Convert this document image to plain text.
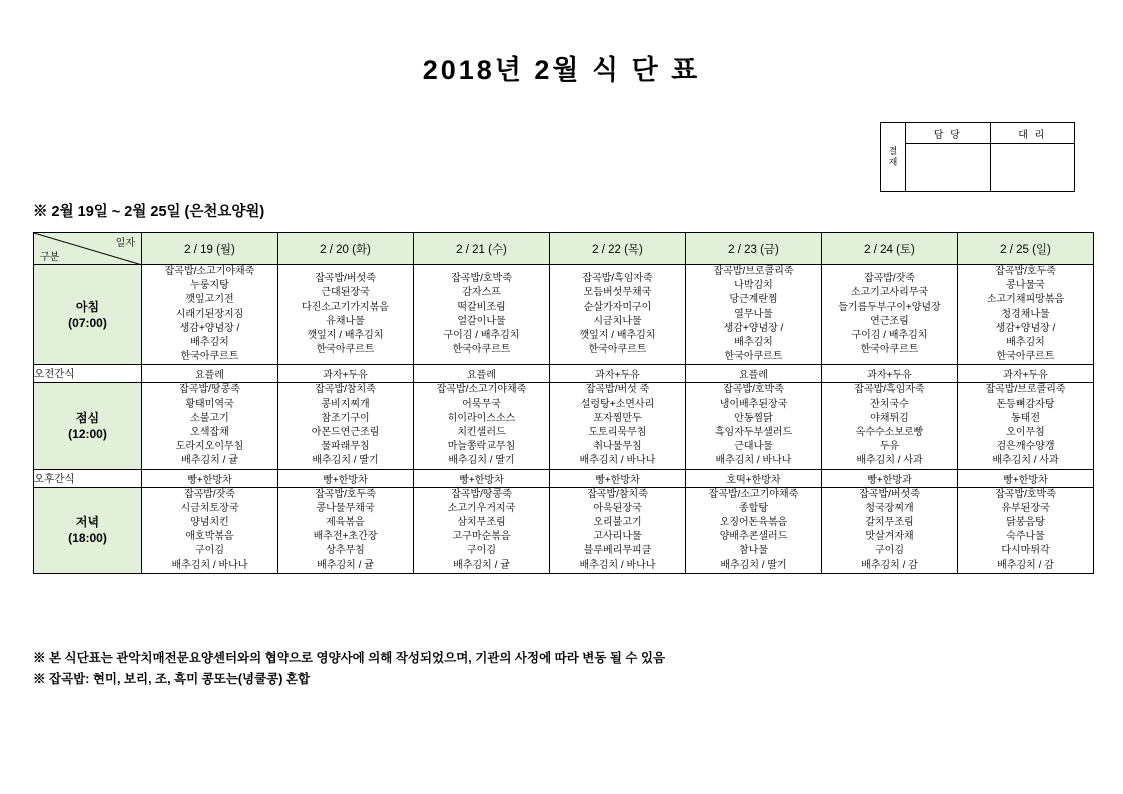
2018년 2월 식 단 표
결
재
담 당	대 리
※ 2월 19일 ~ 2월 25일 (은천요양원)
일자
구분	2 / 19 (월)	2 / 20 (화)	2 / 21 (수)	2 / 22 (목)	2 / 23 (금)	2 / 24 (토)	2 / 25 (일)

아침
(07:00)
	잡곡밥/소고기야채죽
누룽지탕
깻잎고기전
시래기된장지짐
생감+양념장 /
배추김치
한국아쿠르트	잡곡밥/버섯죽
근대된장국
다진소고기가지볶음
유채나물
깻잎지 / 배추김치
한국아쿠르트	잡곡밥/호박죽
감자스프
떡갈비조림
얼갈이나물
구이김 / 배추김치
한국아쿠르트	잡곡밥/흑임자죽
모듬버섯무채국
순살가자미구이
시금치나물
깻잎지 / 배추김치
한국아쿠르트	잡곡밥/브로콜리죽
나박김치
당근계란찜
열무나물
생감+양념장 /
배추김치
한국아쿠르트	잡곡밥/잣죽
소고기고사리무국
들기름두부구이+양념장
연근조림
구이김 / 배추김치
한국아쿠르트	잡곡밥/호두죽
콩나물국
소고기채피망볶음
청경채나물
생감+양념장 /
배추김치
한국아쿠르트
오전간식	요플레	과자+두유	요플레	과자+두유	요플레	과자+두유	과자+두유

점심
(12:00)
	잡곡밥/땅콩죽
황태미역국
소불고기
오색잡채
도라지오이무침
배추김치 / 귤	잡곡밥/참치죽
콩비지찌개
참조기구이
아몬드연근조림
물파래무침
배추김치 / 딸기	잡곡밥/소고기야채죽
어묵무국
히이라이스소스
치킨샐러드
마늘쫑락교무침
배추김치 / 딸기	잡곡밥/버섯 죽
설렁탕+소면사리
포자찜만두
도토리묵무침
취나물무침
배추김치 / 바나나	잡곡밥/호박죽
냉이배추된장국
안동찜닭
흑임자두부샐러드
근대나물
배추김치 / 바나나	잡곡밥/흑임자죽
잔치국수
야채튀김
옥수수소보로빵
두유
배추김치 / 사과	잡곡밥/브로콜리죽
돈등뼈감자탕
동태전
오이무침
검은깨수양갱
배추김치 / 사과
오후간식	빵+한방차	빵+한방차	빵+한방차	빵+한방차	호떡+한방차	빵+한방과	빵+한방차

저녁
(18:00)
	잡곡밥/잣죽
시금치토장국
양념치킨
애호박볶음
구이김
배추김치 / 바나나	잡곡밥/호두죽
콩나물무채국
제육볶음
배추전+초간장
상추무침
배추김치 / 귤	잡곡밥/땅콩죽
소고기우거지국
삼치무조림
고구마순볶음
구이김
배추김치 / 귤	잡곡밥/참치죽
아욱된장국
오리불고기
고사리나물
블루베리무피클
배추김치 / 바나나	잡곡밥/소고기야채죽
종합탕
오징어돈육볶음
양배추콘샐러드
참나물
배추김치 / 딸기	잡곡밥/버섯죽
청국장찌개
갈치무조림
맛살겨자채
구이김
배추김치 / 감	잡곡밥/호박죽
유부된장국
닭봉음탕
숙주나물
다시마튀각
배추김치 / 감
※ 본 식단표는 관악치매전문요양센터와의 협약으로 영양사에 의해 작성되었으며, 기관의 사정에 따라 변동 될 수 있음
※ 잡곡밥: 현미, 보리, 조, 흑미 콩또는(녕쿨콩) 혼합
